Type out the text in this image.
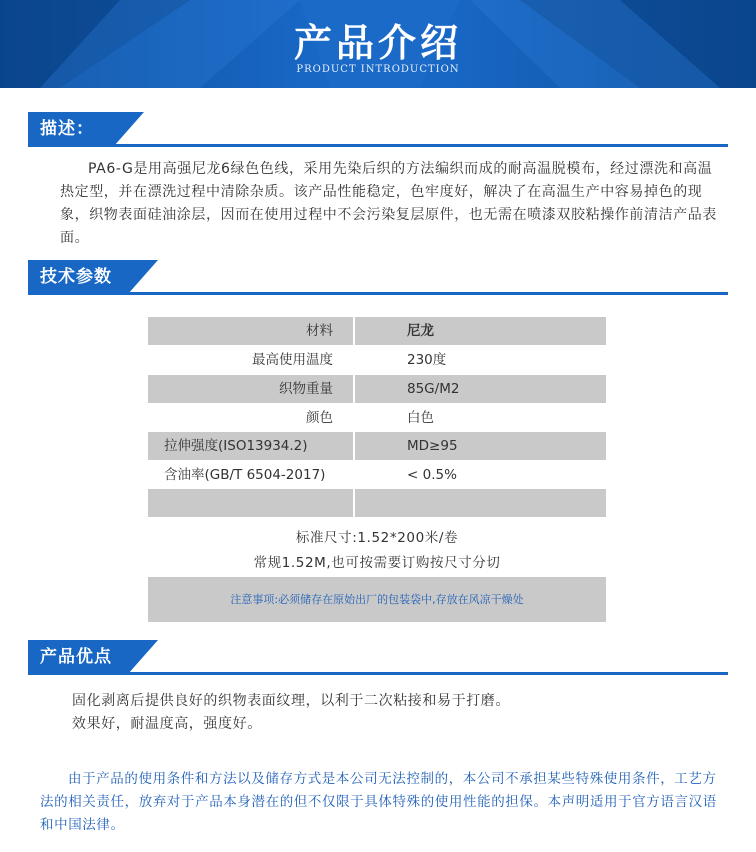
产品介绍
PRODUCT INTRODUCTION
描述：
PA6-G是用高强尼龙6绿色色线，采用先染后织的方法编织而成的耐高温脱模布，经过漂洗和高温热定型，并在漂洗过程中清除杂质。该产品性能稳定，色牢度好，解决了在高温生产中容易掉色的现象，织物表面硅油涂层，因而在使用过程中不会污染复层原件，也无需在喷漆双胶粘操作前清洁产品表面。
技术参数
材料	尼龙
最高使用温度	230度
织物重量	85G/M2
颜色	白色
拉伸强度(ISO13934.2)	MD≥95
含油率(GB/T 6504-2017)	< 0.5%
标准尺寸:1.52*200米/卷
常规1.52M,也可按需要订购按尺寸分切
注意事项:必须储存在原始出厂的包装袋中,存放在风凉干燥处
产品优点

固化剥离后提供良好的织物表面纹理，以利于二次粘接和易于打磨。

效果好，耐温度高，强度好。

由于产品的使用条件和方法以及储存方式是本公司无法控制的，本公司不承担某些特殊使用条件，工艺方法的相关责任，放弃对于产品本身潜在的但不仅限于具体特殊的使用性能的担保。本声明适用于官方语言汉语和中国法律。
